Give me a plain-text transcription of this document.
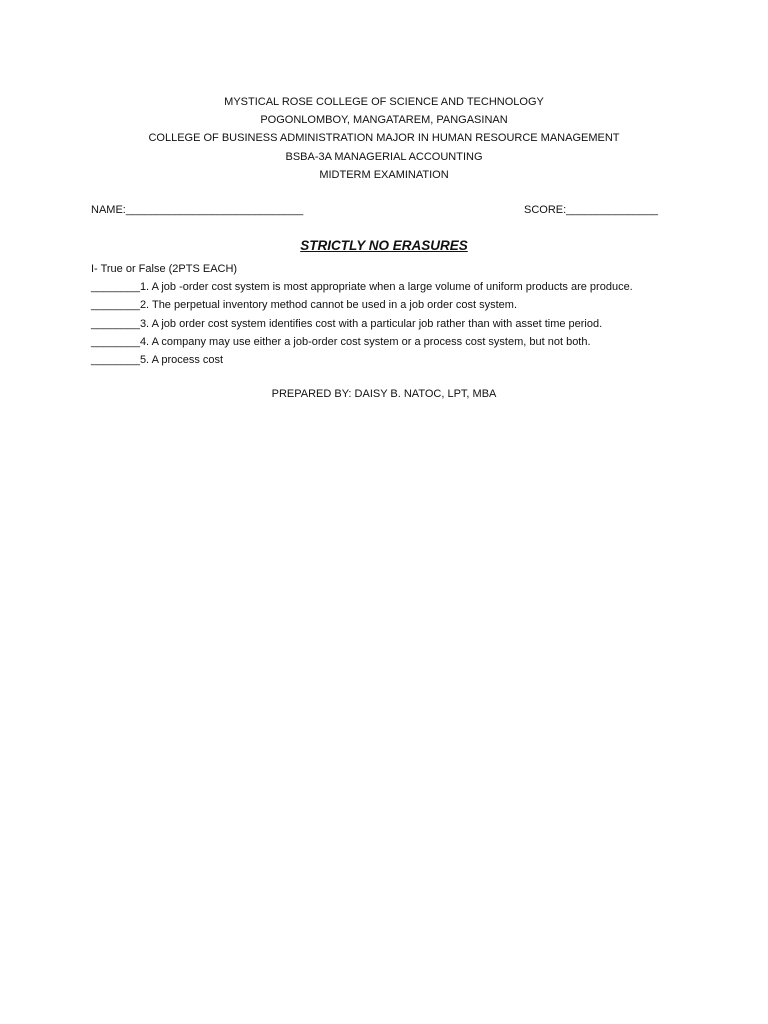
MYSTICAL ROSE COLLEGE OF SCIENCE AND TECHNOLOGY
POGONLOMBOY, MANGATAREM, PANGASINAN
COLLEGE OF BUSINESS ADMINISTRATION MAJOR IN HUMAN RESOURCE MANAGEMENT
BSBA-3A MANAGERIAL ACCOUNTING
MIDTERM EXAMINATION
NAME:_____________________________	SCORE:_______________
STRICTLY NO ERASURES
I- True or False (2PTS EACH)
________1. A job -order cost system is most appropriate when a large volume of uniform products are produce.
________2. The perpetual inventory method cannot be used in a job order cost system.
________3. A job order cost system identifies cost with a particular job rather than with asset time period.
________4. A company may use either a job-order cost system or a process cost system, but not both.
________5. A process cost
PREPARED BY: DAISY B. NATOC, LPT, MBA
